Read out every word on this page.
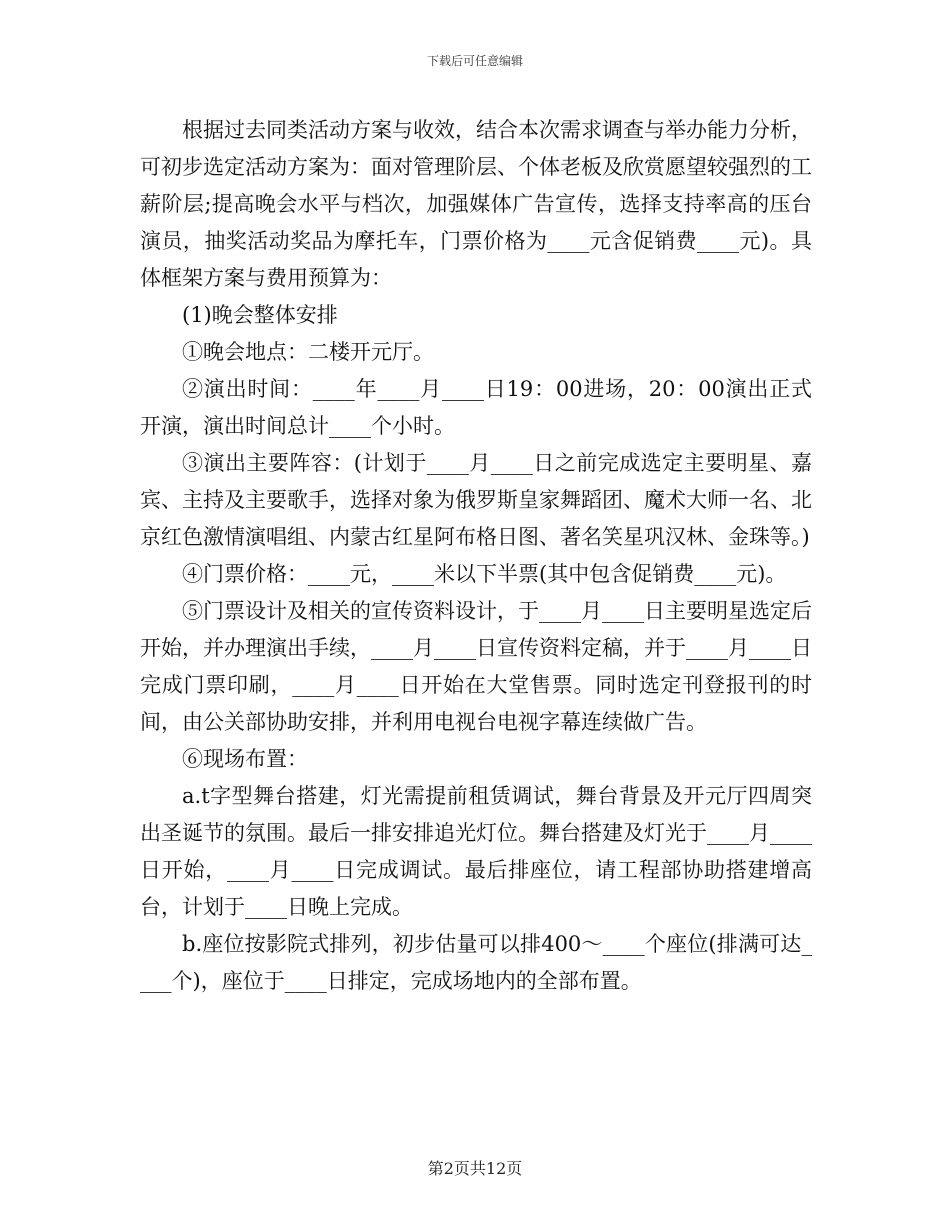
下载后可任意编辑

根据过去同类活动方案与收效，结合本次需求调查与举办能力分析，可初步选定活动方案为：面对管理阶层、个体老板及欣赏愿望较强烈的工薪阶层;提高晚会水平与档次，加强媒体广告宣传，选择支持率高的压台演员，抽奖活动奖品为摩托车，门票价格为____元含促销费____元)。具体框架方案与费用预算为：

(1)晚会整体安排

①晚会地点：二楼开元厅。

②演出时间：____年____月____日19：00进场，20：00演出正式开演，演出时间总计____个小时。

③演出主要阵容：(计划于____月____日之前完成选定主要明星、嘉宾、主持及主要歌手，选择对象为俄罗斯皇家舞蹈团、魔术大师一名、北京红色激情演唱组、内蒙古红星阿布格日图、著名笑星巩汉林、金珠等。)

④门票价格：____元，____米以下半票(其中包含促销费____元)。

⑤门票设计及相关的宣传资料设计，于____月____日主要明星选定后开始，并办理演出手续，____月____日宣传资料定稿，并于____月____日完成门票印刷，____月____日开始在大堂售票。同时选定刊登报刊的时间，由公关部协助安排，并利用电视台电视字幕连续做广告。

⑥现场布置：

a.t字型舞台搭建，灯光需提前租赁调试，舞台背景及开元厅四周突出圣诞节的氛围。最后一排安排追光灯位。舞台搭建及灯光于____月____日开始，____月____日完成调试。最后排座位，请工程部协助搭建增高台，计划于____日晚上完成。

b.座位按影院式排列，初步估量可以排400～____个座位(排满可达____个)，座位于____日排定，完成场地内的全部布置。

第2页共12页
